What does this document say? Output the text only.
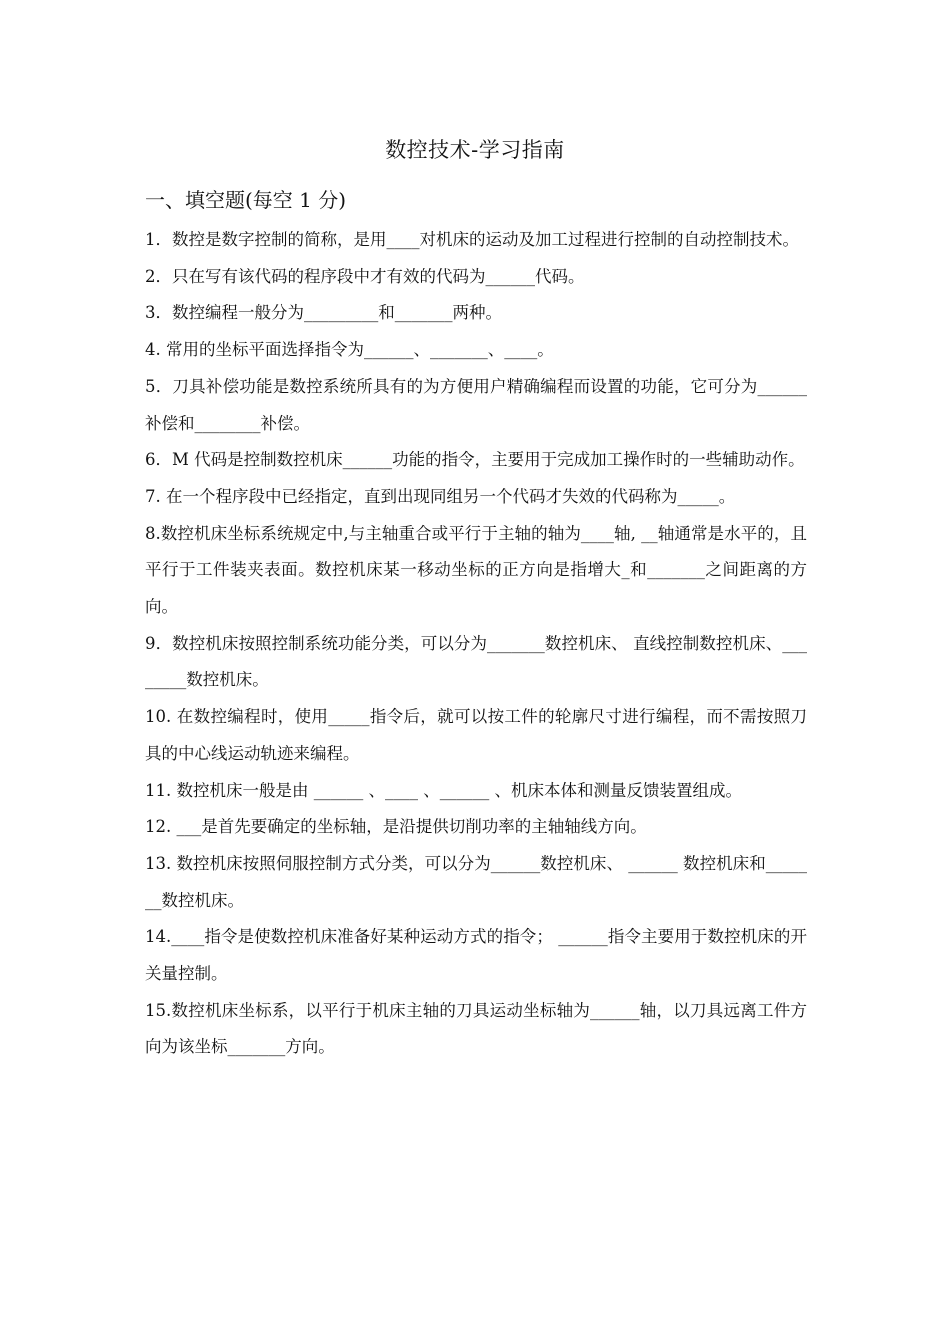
数控技术-学习指南
一、填空题(每空 1 分)

1．数控是数字控制的简称，是用____对机床的运动及加工过程进行控制的自动控制技术。

2．只在写有该代码的程序段中才有效的代码为______代码。

3．数控编程一般分为_________和_______两种。

4. 常用的坐标平面选择指令为______、_______、____。

5．刀具补偿功能是数控系统所具有的为方便用户精确编程而设置的功能，它可分为______补偿和________补偿。

6．M 代码是控制数控机床______功能的指令，主要用于完成加工操作时的一些辅助动作。

7. 在一个程序段中已经指定，直到出现同组另一个代码才失效的代码称为_____。

8.数控机床坐标系统规定中,与主轴重合或平行于主轴的轴为____轴, __轴通常是水平的，且平行于工件装夹表面。数控机床某一移动坐标的正方向是指增大_和_______之间距离的方向。

9．数控机床按照控制系统功能分类，可以分为_______数控机床、 直线控制数控机床、________数控机床。

10. 在数控编程时，使用_____指令后，就可以按工件的轮廓尺寸进行编程，而不需按照刀具的中心线运动轨迹来编程。

11. 数控机床一般是由 ______ 、____ 、______ 、机床本体和测量反馈装置组成。

12. ___是首先要确定的坐标轴，是沿提供切削功率的主轴轴线方向。

13. 数控机床按照伺服控制方式分类，可以分为______数控机床、 ______ 数控机床和_______数控机床。

14.____指令是使数控机床准备好某种运动方式的指令； ______指令主要用于数控机床的开关量控制。

15.数控机床坐标系，以平行于机床主轴的刀具运动坐标轴为______轴，以刀具远离工件方向为该坐标_______方向。
